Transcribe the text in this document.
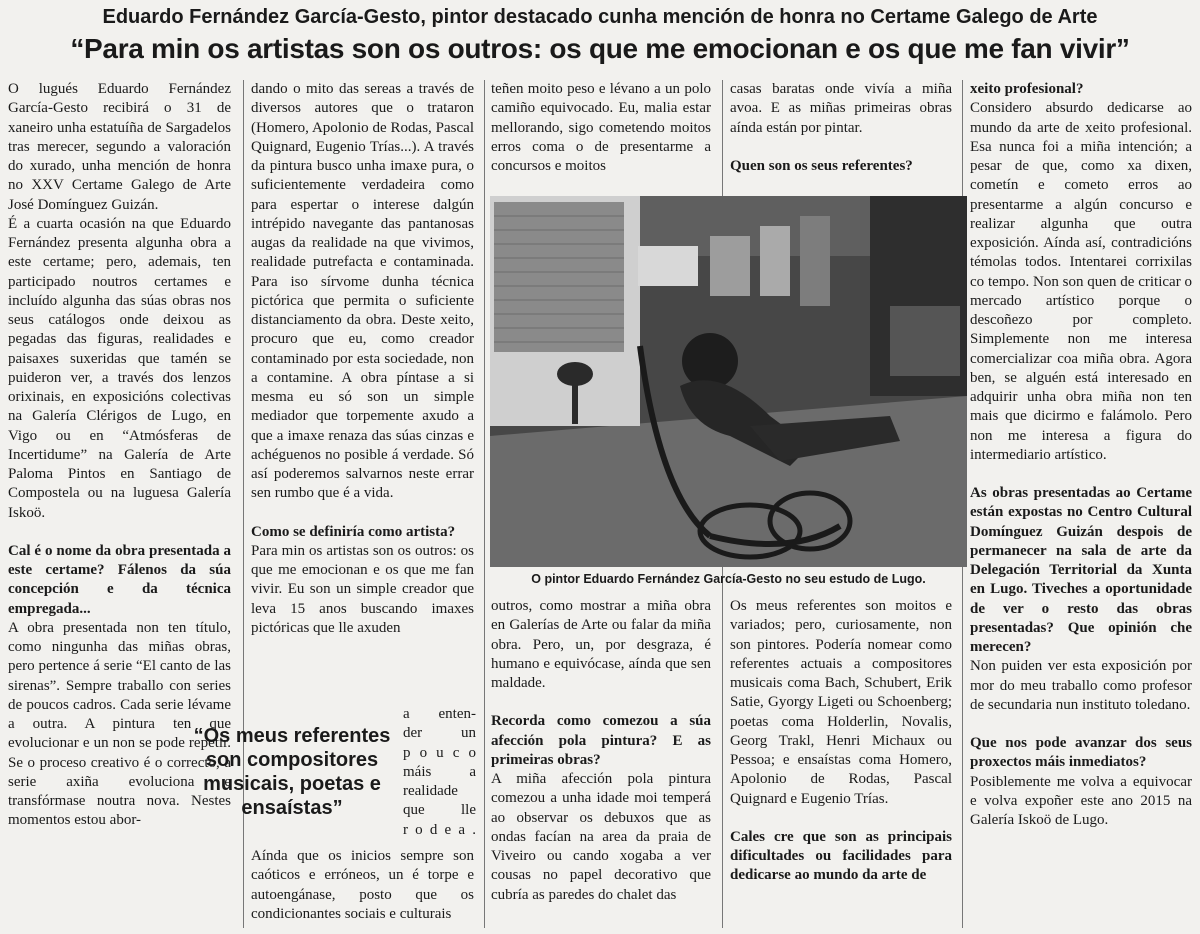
Eduardo Fernández García-Gesto, pintor destacado cunha mención de honra no Certame Galego de Arte
“Para min os artistas son os outros: os que me emocionan e os que me fan vivir”

O lugués Eduardo Fernández García-Gesto recibirá o 31 de xaneiro unha estatuíña de Sargadelos tras merecer, segundo a valoración do xurado, unha mención de honra no XXV Certame Galego de Arte José Domínguez Guizán.

É a cuarta ocasión na que Eduardo Fernández presenta algunha obra a este certame; pero, ademais, ten participado noutros certames e incluído algunha das súas obras nos seus catálogos onde deixou as pegadas das figuras, realidades e paisaxes suxeridas que tamén se puideron ver, a través dos lenzos orixinais, en exposicións colectivas na Galería Clérigos de Lugo, en Vigo ou en “Atmósferas de Incertidume” na Galería de Arte Paloma Pintos en Santiago de Compostela ou na luguesa Galería Iskoö.

Cal é o nome da obra presentada a este certame? Fálenos da súa concepción e da técnica empregada...

A obra presentada non ten título, como ningunha das miñas obras, pero pertence á serie “El canto de las sirenas”. Sempre traballo con series de poucos cadros. Cada serie lévame a outra. A pintura ten que evolucionar e un non se pode repetir. Se o proceso creativo é o correcto, a serie axiña evoluciona e transfórmase noutra nova. Nestes momentos estou abor-

dando o mito das sereas a través de diversos autores que o trataron (Homero, Apolonio de Rodas, Pascal Quignard, Eugenio Trías...). A través da pintura busco unha imaxe pura, o suficientemente verdadeira como para espertar o interese dalgún intrépido navegante das pantanosas augas da realidade na que vivimos, realidade putrefacta e contaminada. Para iso sírvome dunha técnica pictórica que permita o suficiente distanciamento da obra. Deste xeito, procuro que eu, como creador contaminado por esta sociedade, non a contamine. A obra píntase a si mesma eu só son un simple mediador que torpemente axudo a que a imaxe renaza das súas cinzas e achéguenos no posible á verdade. Só así poderemos salvarnos neste errar sen rumbo que é a vida.

Como se definiría como artista?

Para min os artistas son os outros: os que me emocionan e os que me fan vivir. Eu son un simple creador que leva 15 anos buscando imaxes pictóricas que lle axuden

“Os meus referentes son compositores musicais, poetas e ensaístas”

a enten-

der un

p o u c o

máis a

realidade

que lle

r o d e a .

Aínda que os inicios sempre son caóticos e erróneos, un é torpe e autoengánase, posto que os condicionantes sociais e culturais

teñen moito peso e lévano a un polo camiño equivocado. Eu, malia estar mellorando, sigo cometendo moitos erros coma o de presentarme a concursos e moitos

casas baratas onde vivía a miña avoa. E as miñas primeiras obras aínda están por pintar.

Quen son os seus referentes?

O pintor Eduardo Fernández García-Gesto no seu estudo de Lugo.

outros, como mostrar a miña obra en Galerías de Arte ou falar da miña obra. Pero, un, por desgraza, é humano e equivócase, aínda que sen maldade.

Recorda como comezou a súa afección pola pintura? E as primeiras obras?

A miña afección pola pintura comezou a unha idade moi temperá ao observar os debuxos que as ondas facían na area da praia de Viveiro ou cando xogaba a ver cousas no papel decorativo que cubría as paredes do chalet das

Os meus referentes son moitos e variados; pero, curiosamente, non son pintores. Podería nomear como referentes actuais a compositores musicais coma Bach, Schubert, Erik Satie, Gyorgy Ligeti ou Schoenberg; poetas coma Holderlin, Novalis, Georg Trakl, Henri Michaux ou Pessoa; e ensaístas coma Homero, Apolonio de Rodas, Pascal Quignard e Eugenio Trías.

Cales cre que son as principais dificultades ou facilidades para dedicarse ao mundo da arte de

xeito profesional?

Considero absurdo dedicarse ao mundo da arte de xeito profesional. Esa nunca foi a miña intención; a pesar de que, como xa dixen, cometín e cometo erros ao presentarme a algún concurso e realizar algunha que outra exposición. Aínda así, contradicións témolas todos. Intentarei corrixilas co tempo. Non son quen de criticar o mercado artístico porque o descoñezo por completo. Simplemente non me interesa comercializar coa miña obra. Agora ben, se alguén está interesado en adquirir unha obra miña non ten mais que dicirmo e falámolo. Pero non me interesa a figura do intermediario artístico.

As obras presentadas ao Certame están expostas no Centro Cultural Domínguez Guizán despois de permanecer na sala de arte da Delegación Territorial da Xunta en Lugo. Tiveches a oportunidade de ver o resto das obras presentadas? Que opinión che merecen?

Non puiden ver esta exposición por mor do meu traballo como profesor de secundaria nun instituto toledano.

Que nos pode avanzar dos seus proxectos máis inmediatos?

Posiblemente me volva a equivocar e volva expoñer este ano 2015 na Galería Iskoö de Lugo.
